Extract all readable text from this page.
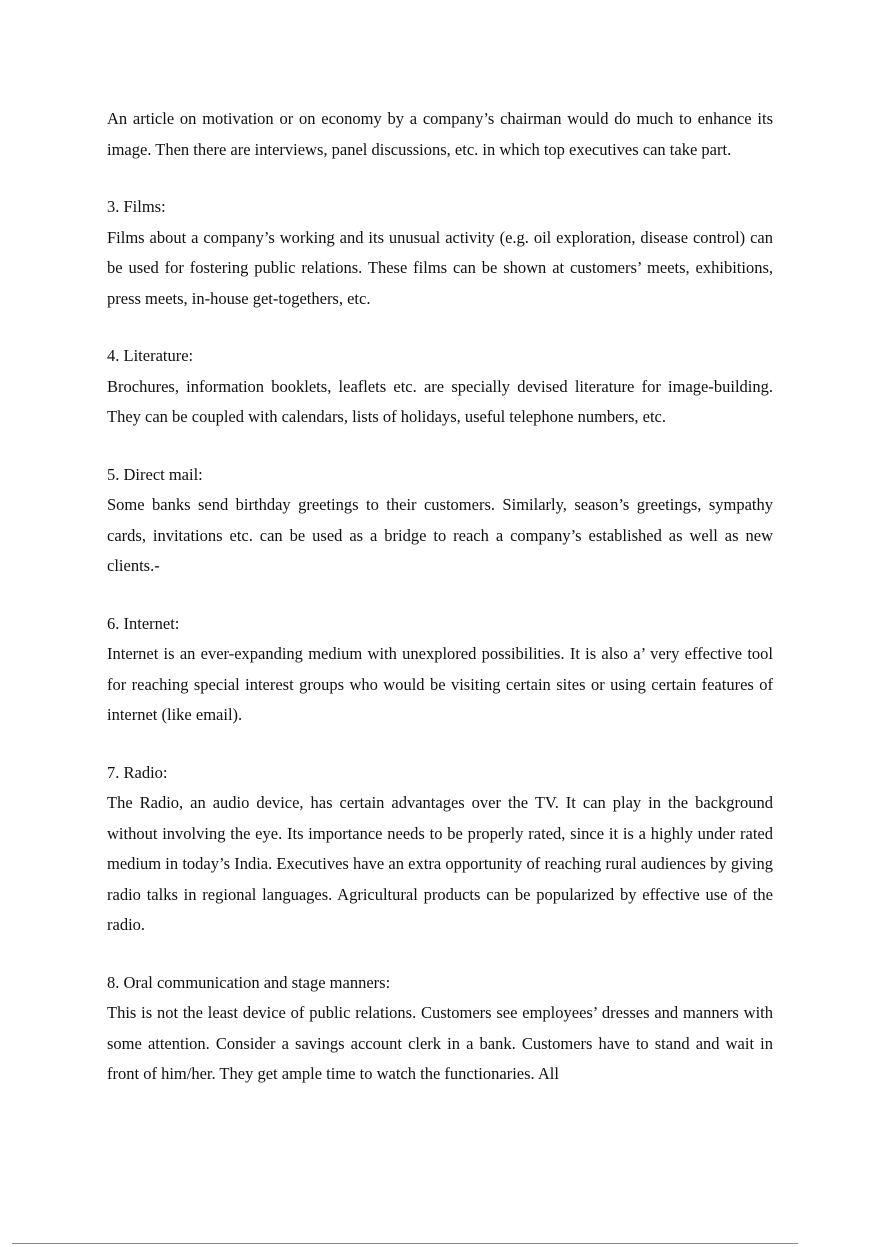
An article on motivation or on economy by a company’s chairman would do much to enhance its image. Then there are interviews, panel discussions, etc. in which top executives can take part.

3. Films:

Films about a company’s working and its unusual activity (e.g. oil exploration, disease control) can be used for fostering public relations. These films can be shown at customers’ meets, exhibitions, press meets, in-house get-togethers, etc.

4. Literature:

Brochures, information booklets, leaflets etc. are specially devised literature for image-building. They can be coupled with calendars, lists of holidays, useful telephone numbers, etc.

5. Direct mail:

Some banks send birthday greetings to their customers. Similarly, season’s greetings, sympathy cards, invitations etc. can be used as a bridge to reach a company’s established as well as new clients.-

6. Internet:

Internet is an ever-expanding medium with unexplored possibilities. It is also a’ very effective tool for reaching special interest groups who would be visiting certain sites or using certain features of internet (like email).

7. Radio:

The Radio, an audio device, has certain advantages over the TV. It can play in the background without involving the eye. Its importance needs to be properly rated, since it is a highly under rated medium in today’s India. Executives have an extra opportunity of reaching rural audiences by giving radio talks in regional languages. Agricultural products can be popularized by effective use of the radio.

8. Oral communication and stage manners:

This is not the least device of public relations. Customers see employees’ dresses and manners with some attention. Consider a savings account clerk in a bank. Customers have to stand and wait in front of him/her. They get ample time to watch the functionaries. All
